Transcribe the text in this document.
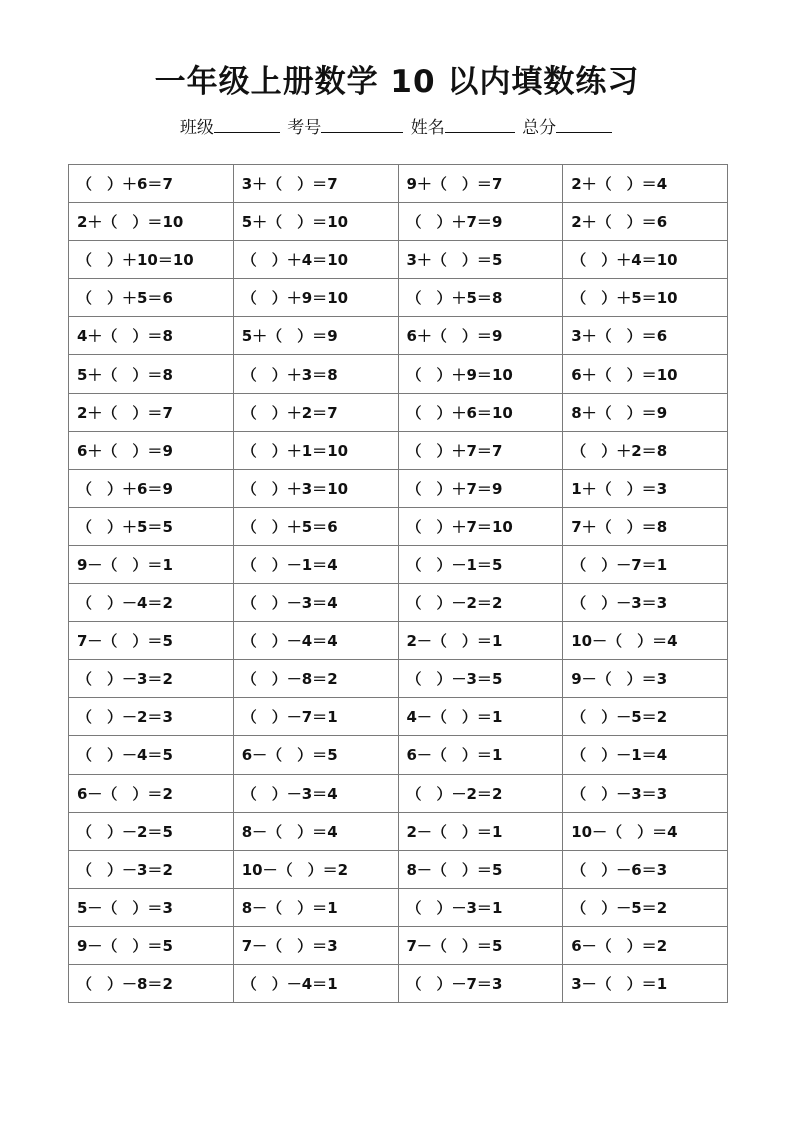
一年级上册数学 10 以内填数练习
班级	考号	姓名	总分
（　）＋6＝7	3＋（　）＝7	9＋（　）＝7	2＋（　）＝4
2＋（　）＝10	5＋（　）＝10	（　）＋7＝9	2＋（　）＝6
（　）＋10＝10	（　）＋4＝10	3＋（　）＝5	（　）＋4＝10
（　）＋5＝6	（　）＋9＝10	（　）＋5＝8	（　）＋5＝10
4＋（　）＝8	5＋（　）＝9	6＋（　）＝9	3＋（　）＝6
5＋（　）＝8	（　）＋3＝8	（　）＋9＝10	6＋（　）＝10
2＋（　）＝7	（　）＋2＝7	（　）＋6＝10	8＋（　）＝9
6＋（　）＝9	（　）＋1＝10	（　）＋7＝7	（　）＋2＝8
（　）＋6＝9	（　）＋3＝10	（　）＋7＝9	1＋（　）＝3
（　）＋5＝5	（　）＋5＝6	（　）＋7＝10	7＋（　）＝8
9－（　）＝1	（　）－1＝4	（　）－1＝5	（　）－7＝1
（　）－4＝2	（　）－3＝4	（　）－2＝2	（　）－3＝3
7－（　）＝5	（　）－4＝4	2－（　）＝1	10－（　）＝4
（　）－3＝2	（　）－8＝2	（　）－3＝5	9－（　）＝3
（　）－2＝3	（　）－7＝1	4－（　）＝1	（　）－5＝2
（　）－4＝5	6－（　）＝5	6－（　）＝1	（　）－1＝4
6－（　）＝2	（　）－3＝4	（　）－2＝2	（　）－3＝3
（　）－2＝5	8－（　）＝4	2－（　）＝1	10－（　）＝4
（　）－3＝2	10－（　）＝2	8－（　）＝5	（　）－6＝3
5－（　）＝3	8－（　）＝1	（　）－3＝1	（　）－5＝2
9－（　）＝5	7－（　）＝3	7－（　）＝5	6－（　）＝2
（　）－8＝2	（　）－4＝1	（　）－7＝3	3－（　）＝1
